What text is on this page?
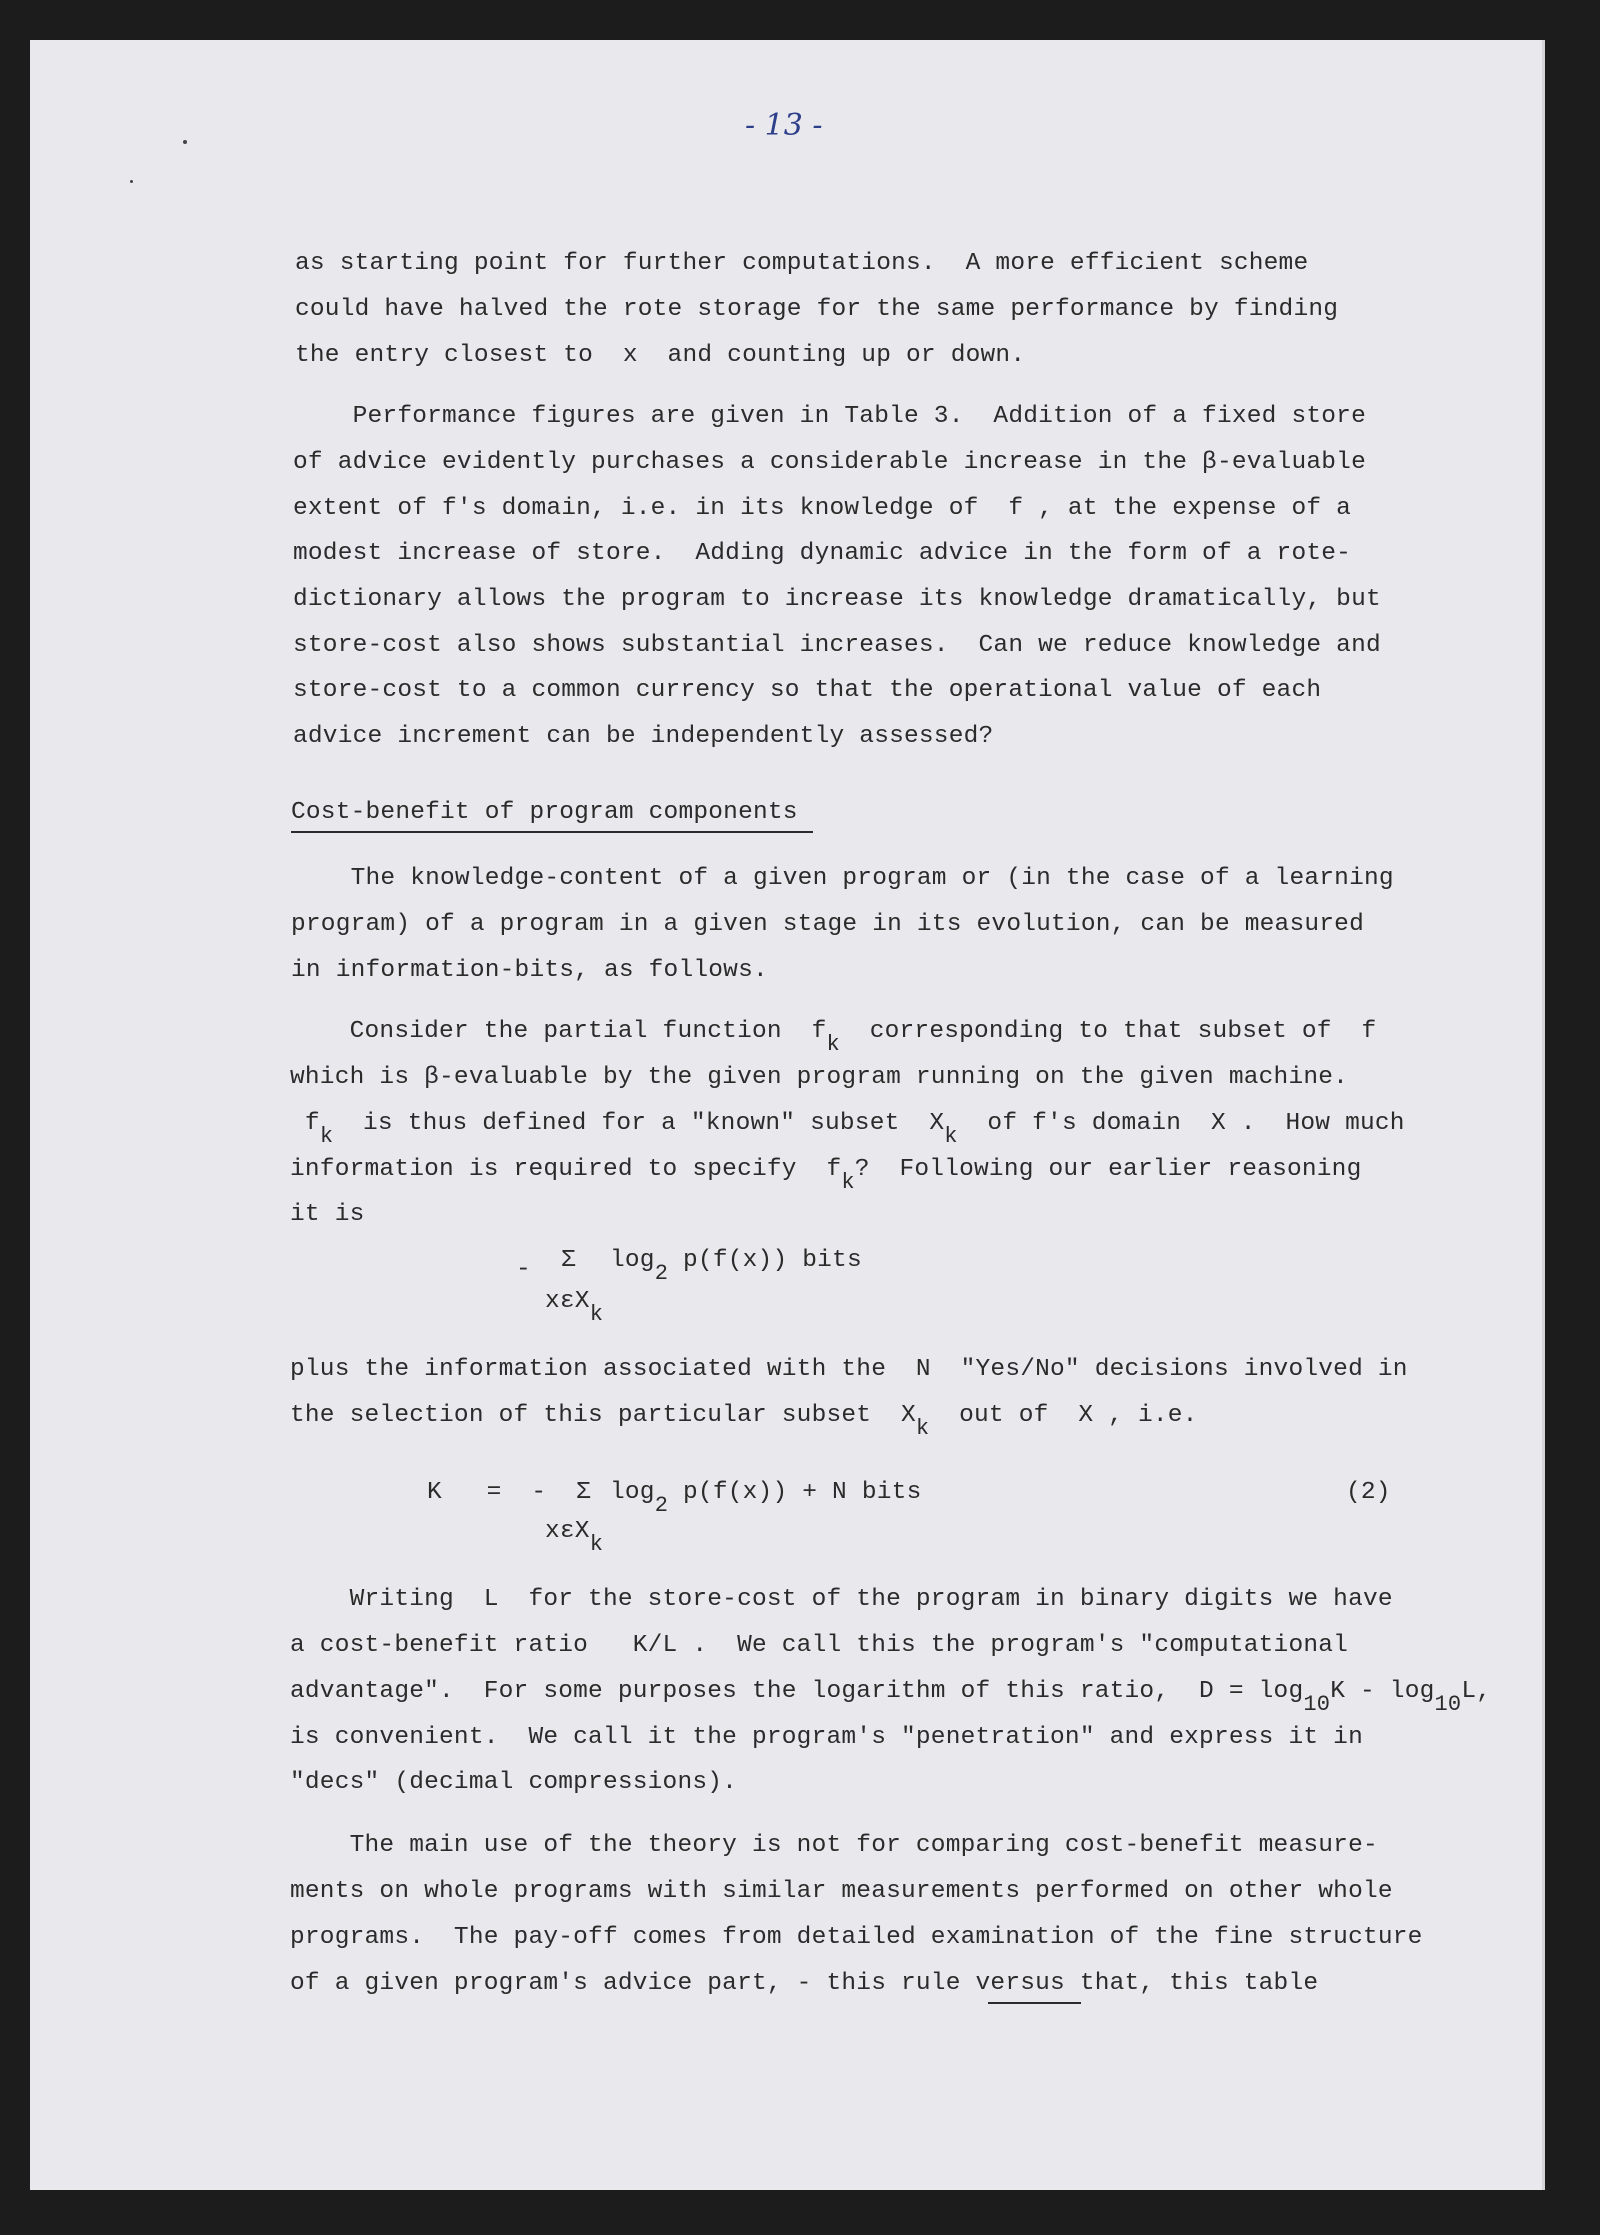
- 13 -
as starting point for further computations.  A more efficient scheme
could have halved the rote storage for the same performance by finding
the entry closest to  x  and counting up or down.
Performance figures are given in Table 3.  Addition of a fixed store
of advice evidently purchases a considerable increase in the β-evaluable
extent of f's domain, i.e. in its knowledge of  f , at the expense of a
modest increase of store.  Adding dynamic advice in the form of a rote-
dictionary allows the program to increase its knowledge dramatically, but
store-cost also shows substantial increases.  Can we reduce knowledge and
store-cost to a common currency so that the operational value of each
advice increment can be independently assessed?
Cost-benefit of program components
The knowledge-content of a given program or (in the case of a learning
program) of a program in a given stage in its evolution, can be measured
in information-bits, as follows.
Consider the partial function  fk  corresponding to that subset of  f
which is β-evaluable by the given program running on the given machine.
fk  is thus defined for a "known" subset  Xk  of f's domain  X .  How much
information is required to specify  fk?  Following our earlier reasoning
it is
- Σ log2 p(f(x)) bits
xεXk
plus the information associated with the  N  "Yes/No" decisions involved in
the selection of this particular subset  Xk  out of  X , i.e.
K   =  -  Σ log2 p(f(x)) + N bits
xεXk
(2)
Writing  L  for the store-cost of the program in binary digits we have
a cost-benefit ratio   K/L .  We call this the program's "computational
advantage".  For some purposes the logarithm of this ratio,  D = log10K - log10L,
is convenient.  We call it the program's "penetration" and express it in
"decs" (decimal compressions).
The main use of the theory is not for comparing cost-benefit measure-
ments on whole programs with similar measurements performed on other whole
programs.  The pay-off comes from detailed examination of the fine structure
of a given program's advice part, - this rule versus that, this table
